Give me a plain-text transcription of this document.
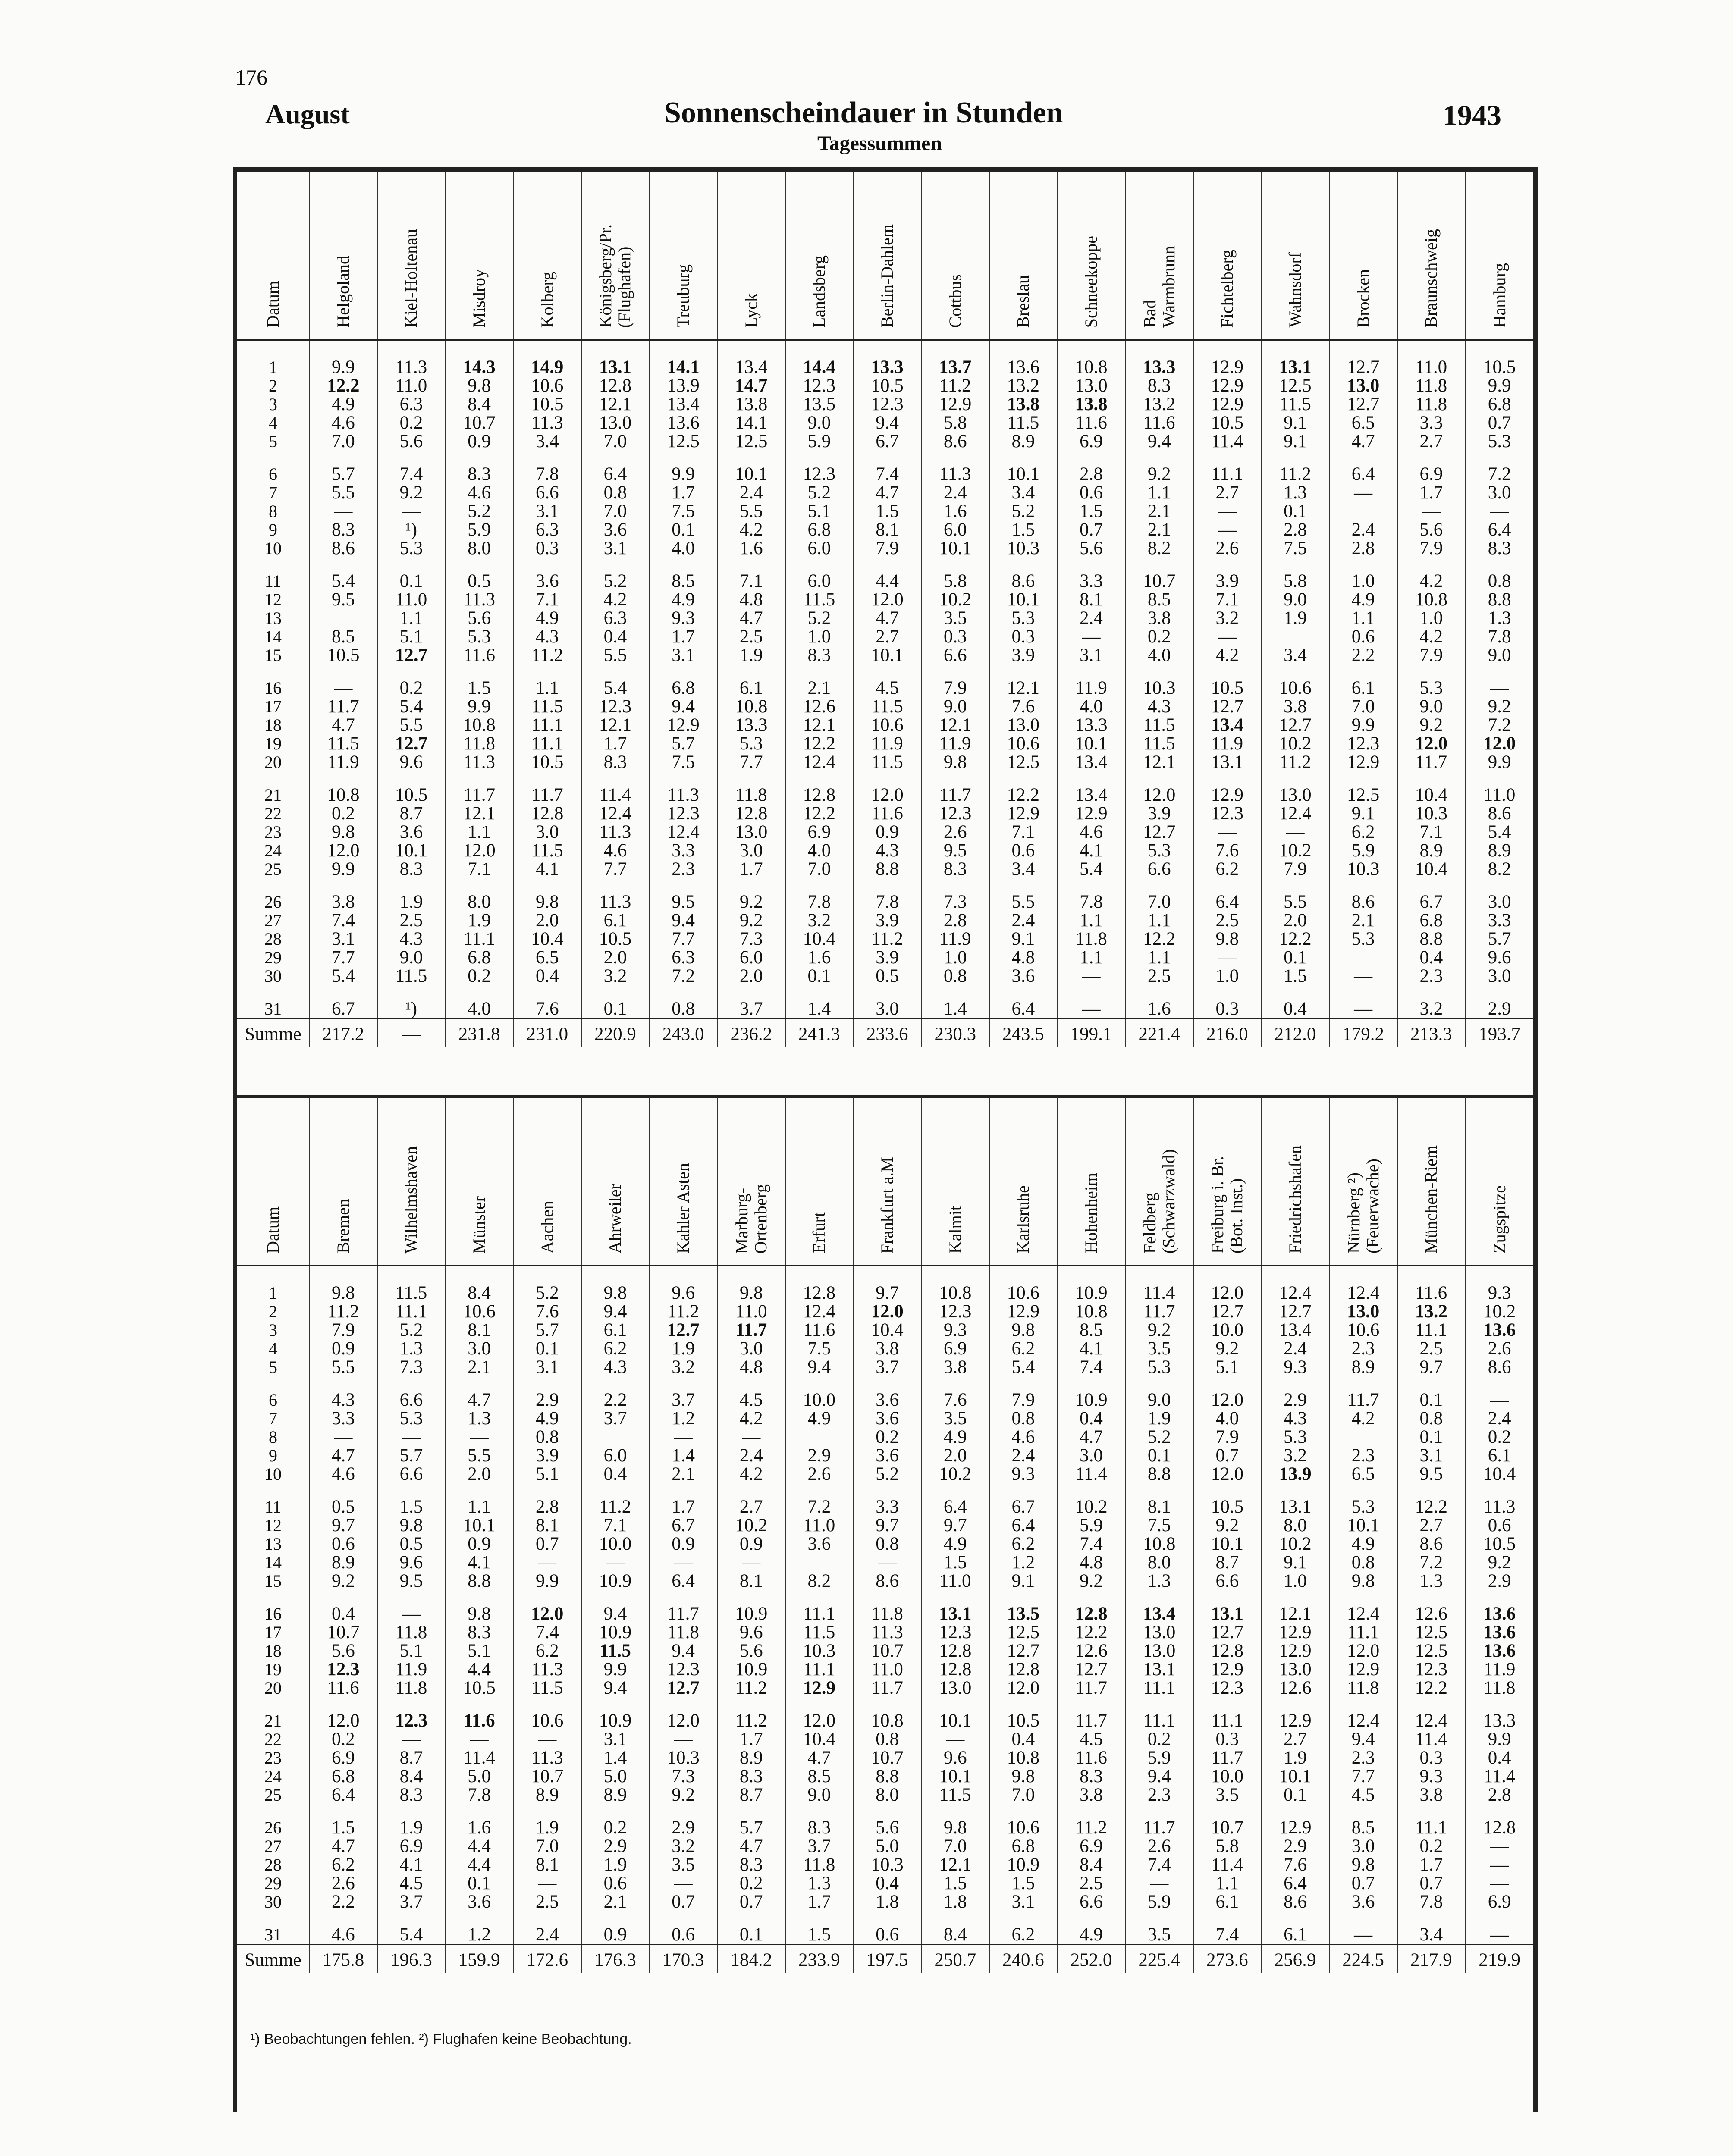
176
August	Sonnenscheindauer in Stunden
Tagessummen
1943
Datum	Helgoland	Kiel-Holtenau	Misdroy	Kolberg	Königsberg/Pr.
(Flughafen)	Treuburg	Lyck	Landsberg	Berlin-Dahlem	Cottbus	Breslau	Schneekoppe	Bad
Warmbrunn	Fichtelberg	Wahnsdorf	Brocken	Braunschweig	Hamburg

1	9.9	11.3	14.3	14.9	13.1	14.1	13.4	14.4	13.3	13.7	13.6	10.8	13.3	12.9	13.1	12.7	11.0	10.5
2	12.2	11.0	9.8	10.6	12.8	13.9	14.7	12.3	10.5	11.2	13.2	13.0	8.3	12.9	12.5	13.0	11.8	9.9
3	4.9	6.3	8.4	10.5	12.1	13.4	13.8	13.5	12.3	12.9	13.8	13.8	13.2	12.9	11.5	12.7	11.8	6.8
4	4.6	0.2	10.7	11.3	13.0	13.6	14.1	9.0	9.4	5.8	11.5	11.6	11.6	10.5	9.1	6.5	3.3	0.7
5	7.0	5.6	0.9	3.4	7.0	12.5	12.5	5.9	6.7	8.6	8.9	6.9	9.4	11.4	9.1	4.7	2.7	5.3
6	5.7	7.4	8.3	7.8	6.4	9.9	10.1	12.3	7.4	11.3	10.1	2.8	9.2	11.1	11.2	6.4	6.9	7.2
7	5.5	9.2	4.6	6.6	0.8	1.7	2.4	5.2	4.7	2.4	3.4	0.6	1.1	2.7	1.3	—	1.7	3.0
8	—	—	5.2	3.1	7.0	7.5	5.5	5.1	1.5	1.6	5.2	1.5	2.1	—	0.1		—	—
9	8.3	¹)	5.9	6.3	3.6	0.1	4.2	6.8	8.1	6.0	1.5	0.7	2.1	—	2.8	2.4	5.6	6.4
10	8.6	5.3	8.0	0.3	3.1	4.0	1.6	6.0	7.9	10.1	10.3	5.6	8.2	2.6	7.5	2.8	7.9	8.3
11	5.4	0.1	0.5	3.6	5.2	8.5	7.1	6.0	4.4	5.8	8.6	3.3	10.7	3.9	5.8	1.0	4.2	0.8
12	9.5	11.0	11.3	7.1	4.2	4.9	4.8	11.5	12.0	10.2	10.1	8.1	8.5	7.1	9.0	4.9	10.8	8.8
13		1.1	5.6	4.9	6.3	9.3	4.7	5.2	4.7	3.5	5.3	2.4	3.8	3.2	1.9	1.1	1.0	1.3
14	8.5	5.1	5.3	4.3	0.4	1.7	2.5	1.0	2.7	0.3	0.3	—	0.2	—		0.6	4.2	7.8
15	10.5	12.7	11.6	11.2	5.5	3.1	1.9	8.3	10.1	6.6	3.9	3.1	4.0	4.2	3.4	2.2	7.9	9.0
16	—	0.2	1.5	1.1	5.4	6.8	6.1	2.1	4.5	7.9	12.1	11.9	10.3	10.5	10.6	6.1	5.3	—
17	11.7	5.4	9.9	11.5	12.3	9.4	10.8	12.6	11.5	9.0	7.6	4.0	4.3	12.7	3.8	7.0	9.0	9.2
18	4.7	5.5	10.8	11.1	12.1	12.9	13.3	12.1	10.6	12.1	13.0	13.3	11.5	13.4	12.7	9.9	9.2	7.2
19	11.5	12.7	11.8	11.1	1.7	5.7	5.3	12.2	11.9	11.9	10.6	10.1	11.5	11.9	10.2	12.3	12.0	12.0
20	11.9	9.6	11.3	10.5	8.3	7.5	7.7	12.4	11.5	9.8	12.5	13.4	12.1	13.1	11.2	12.9	11.7	9.9
21	10.8	10.5	11.7	11.7	11.4	11.3	11.8	12.8	12.0	11.7	12.2	13.4	12.0	12.9	13.0	12.5	10.4	11.0
22	0.2	8.7	12.1	12.8	12.4	12.3	12.8	12.2	11.6	12.3	12.9	12.9	3.9	12.3	12.4	9.1	10.3	8.6
23	9.8	3.6	1.1	3.0	11.3	12.4	13.0	6.9	0.9	2.6	7.1	4.6	12.7	—	—	6.2	7.1	5.4
24	12.0	10.1	12.0	11.5	4.6	3.3	3.0	4.0	4.3	9.5	0.6	4.1	5.3	7.6	10.2	5.9	8.9	8.9
25	9.9	8.3	7.1	4.1	7.7	2.3	1.7	7.0	8.8	8.3	3.4	5.4	6.6	6.2	7.9	10.3	10.4	8.2
26	3.8	1.9	8.0	9.8	11.3	9.5	9.2	7.8	7.8	7.3	5.5	7.8	7.0	6.4	5.5	8.6	6.7	3.0
27	7.4	2.5	1.9	2.0	6.1	9.4	9.2	3.2	3.9	2.8	2.4	1.1	1.1	2.5	2.0	2.1	6.8	3.3
28	3.1	4.3	11.1	10.4	10.5	7.7	7.3	10.4	11.2	11.9	9.1	11.8	12.2	9.8	12.2	5.3	8.8	5.7
29	7.7	9.0	6.8	6.5	2.0	6.3	6.0	1.6	3.9	1.0	4.8	1.1	1.1	—	0.1		0.4	9.6
30	5.4	11.5	0.2	0.4	3.2	7.2	2.0	0.1	0.5	0.8	3.6	—	2.5	1.0	1.5	—	2.3	3.0
31	6.7	¹)	4.0	7.6	0.1	0.8	3.7	1.4	3.0	1.4	6.4	—	1.6	0.3	0.4	—	3.2	2.9
Summe	217.2	—	231.8	231.0	220.9	243.0	236.2	241.3	233.6	230.3	243.5	199.1	221.4	216.0	212.0	179.2	213.3	193.7
Datum	Bremen	Wilhelmshaven	Münster	Aachen	Ahrweiler	Kahler Asten	Marburg-
Ortenberg	Erfurt	Frankfurt a.M	Kalmit	Karlsruhe	Hohenheim	Feldberg
(Schwarzwald)	Freiburg i. Br.
(Bot. Inst.)	Friedrichshafen	Nürnberg ²)
(Feuerwache)	München-Riem	Zugspitze

1	9.8	11.5	8.4	5.2	9.8	9.6	9.8	12.8	9.7	10.8	10.6	10.9	11.4	12.0	12.4	12.4	11.6	9.3
2	11.2	11.1	10.6	7.6	9.4	11.2	11.0	12.4	12.0	12.3	12.9	10.8	11.7	12.7	12.7	13.0	13.2	10.2
3	7.9	5.2	8.1	5.7	6.1	12.7	11.7	11.6	10.4	9.3	9.8	8.5	9.2	10.0	13.4	10.6	11.1	13.6
4	0.9	1.3	3.0	0.1	6.2	1.9	3.0	7.5	3.8	6.9	6.2	4.1	3.5	9.2	2.4	2.3	2.5	2.6
5	5.5	7.3	2.1	3.1	4.3	3.2	4.8	9.4	3.7	3.8	5.4	7.4	5.3	5.1	9.3	8.9	9.7	8.6
6	4.3	6.6	4.7	2.9	2.2	3.7	4.5	10.0	3.6	7.6	7.9	10.9	9.0	12.0	2.9	11.7	0.1	—
7	3.3	5.3	1.3	4.9	3.7	1.2	4.2	4.9	3.6	3.5	0.8	0.4	1.9	4.0	4.3	4.2	0.8	2.4
8	—	—	—	0.8		—	—		0.2	4.9	4.6	4.7	5.2	7.9	5.3		0.1	0.2
9	4.7	5.7	5.5	3.9	6.0	1.4	2.4	2.9	3.6	2.0	2.4	3.0	0.1	0.7	3.2	2.3	3.1	6.1
10	4.6	6.6	2.0	5.1	0.4	2.1	4.2	2.6	5.2	10.2	9.3	11.4	8.8	12.0	13.9	6.5	9.5	10.4
11	0.5	1.5	1.1	2.8	11.2	1.7	2.7	7.2	3.3	6.4	6.7	10.2	8.1	10.5	13.1	5.3	12.2	11.3
12	9.7	9.8	10.1	8.1	7.1	6.7	10.2	11.0	9.7	9.7	6.4	5.9	7.5	9.2	8.0	10.1	2.7	0.6
13	0.6	0.5	0.9	0.7	10.0	0.9	0.9	3.6	0.8	4.9	6.2	7.4	10.8	10.1	10.2	4.9	8.6	10.5
14	8.9	9.6	4.1	—	—	—	—		—	1.5	1.2	4.8	8.0	8.7	9.1	0.8	7.2	9.2
15	9.2	9.5	8.8	9.9	10.9	6.4	8.1	8.2	8.6	11.0	9.1	9.2	1.3	6.6	1.0	9.8	1.3	2.9
16	0.4	—	9.8	12.0	9.4	11.7	10.9	11.1	11.8	13.1	13.5	12.8	13.4	13.1	12.1	12.4	12.6	13.6
17	10.7	11.8	8.3	7.4	10.9	11.8	9.6	11.5	11.3	12.3	12.5	12.2	13.0	12.7	12.9	11.1	12.5	13.6
18	5.6	5.1	5.1	6.2	11.5	9.4	5.6	10.3	10.7	12.8	12.7	12.6	13.0	12.8	12.9	12.0	12.5	13.6
19	12.3	11.9	4.4	11.3	9.9	12.3	10.9	11.1	11.0	12.8	12.8	12.7	13.1	12.9	13.0	12.9	12.3	11.9
20	11.6	11.8	10.5	11.5	9.4	12.7	11.2	12.9	11.7	13.0	12.0	11.7	11.1	12.3	12.6	11.8	12.2	11.8
21	12.0	12.3	11.6	10.6	10.9	12.0	11.2	12.0	10.8	10.1	10.5	11.7	11.1	11.1	12.9	12.4	12.4	13.3
22	0.2	—	—	—	3.1	—	1.7	10.4	0.8	—	0.4	4.5	0.2	0.3	2.7	9.4	11.4	9.9
23	6.9	8.7	11.4	11.3	1.4	10.3	8.9	4.7	10.7	9.6	10.8	11.6	5.9	11.7	1.9	2.3	0.3	0.4
24	6.8	8.4	5.0	10.7	5.0	7.3	8.3	8.5	8.8	10.1	9.8	8.3	9.4	10.0	10.1	7.7	9.3	11.4
25	6.4	8.3	7.8	8.9	8.9	9.2	8.7	9.0	8.0	11.5	7.0	3.8	2.3	3.5	0.1	4.5	3.8	2.8
26	1.5	1.9	1.6	1.9	0.2	2.9	5.7	8.3	5.6	9.8	10.6	11.2	11.7	10.7	12.9	8.5	11.1	12.8
27	4.7	6.9	4.4	7.0	2.9	3.2	4.7	3.7	5.0	7.0	6.8	6.9	2.6	5.8	2.9	3.0	0.2	—
28	6.2	4.1	4.4	8.1	1.9	3.5	8.3	11.8	10.3	12.1	10.9	8.4	7.4	11.4	7.6	9.8	1.7	—
29	2.6	4.5	0.1	—	0.6	—	0.2	1.3	0.4	1.5	1.5	2.5	—	1.1	6.4	0.7	0.7	—
30	2.2	3.7	3.6	2.5	2.1	0.7	0.7	1.7	1.8	1.8	3.1	6.6	5.9	6.1	8.6	3.6	7.8	6.9
31	4.6	5.4	1.2	2.4	0.9	0.6	0.1	1.5	0.6	8.4	6.2	4.9	3.5	7.4	6.1	—	3.4	—
Summe	175.8	196.3	159.9	172.6	176.3	170.3	184.2	233.9	197.5	250.7	240.6	252.0	225.4	273.6	256.9	224.5	217.9	219.9
¹) Beobachtungen fehlen. ²) Flughafen keine Beobachtung.
